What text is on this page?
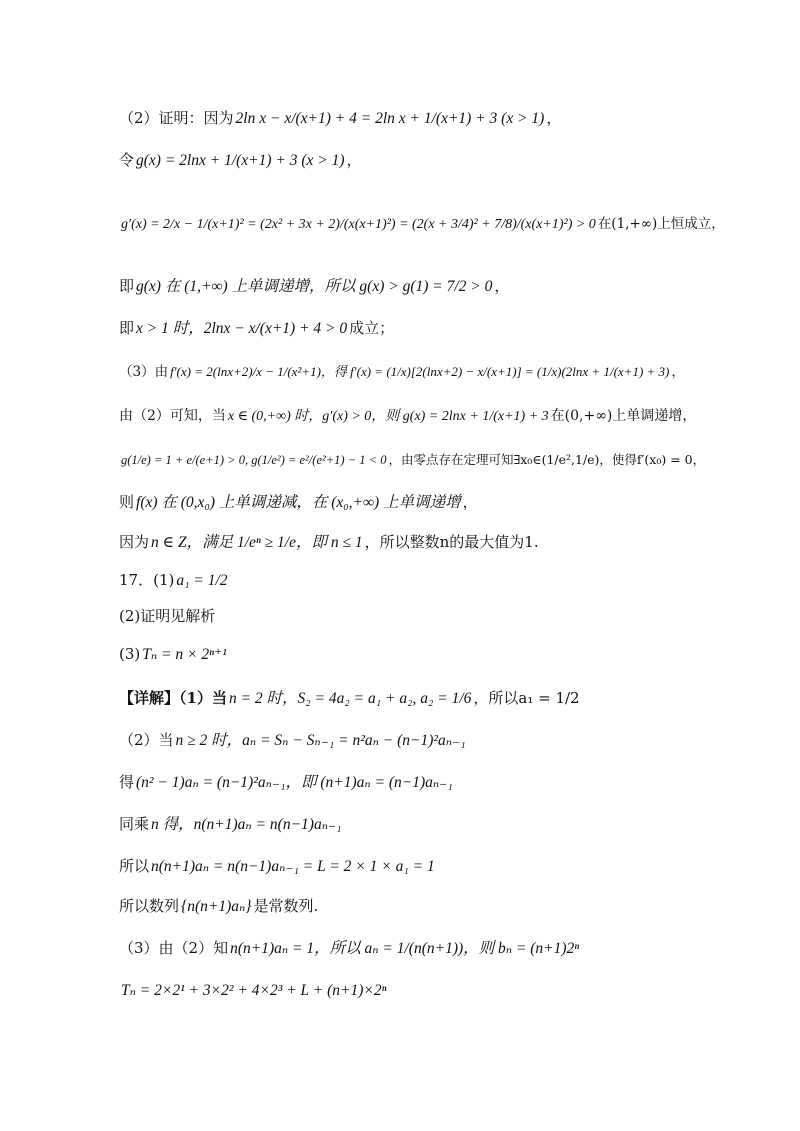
（2）证明：因为 2ln x − x/(x+1) + 4 = 2ln x + 1/(x+1) + 3 (x > 1) ，
令 g(x) = 2lnx + 1/(x+1) + 3 (x > 1) ，
g′(x) = 2/x − 1/(x+1)² = (2x² + 3x + 2)/(x(x+1)²) = (2(x + 3/4)² + 7/8)/(x(x+1)²) > 0 在(1,+∞)上恒成立，
即 g(x) 在 (1,+∞) 上单调递增，所以 g(x) > g(1) = 7/2 > 0 ，
即 x > 1 时，2lnx − x/(x+1) + 4 > 0 成立；
（3）由 f′(x) = 2(lnx+2)/x − 1/(x²+1)，得 f′(x) = (1/x)[2(lnx+2) − x/(x+1)] = (1/x)(2lnx + 1/(x+1) + 3) ，
由（2）可知，当 x ∈ (0,+∞) 时，g′(x) > 0，则 g(x) = 2lnx + 1/(x+1) + 3 在(0,+∞)上单调递增，
g(1/e) = 1 + e/(e+1) > 0, g(1/e²) = e²/(e²+1) − 1 < 0 ，由零点存在定理可知∃x₀∈(1/e²,1/e)，使得f′(x₀) = 0，
则 f(x) 在 (0,x₀) 上单调递减，在 (x₀,+∞) 上单调递增 ，
因为 n ∈ Z，满足 1/eⁿ ≥ 1/e，即 n ≤ 1 ，所以整数n的最大值为1.
17．(1) a₁ = 1/2
(2)证明见解析
(3) Tₙ = n × 2ⁿ⁺¹
【详解】（1）当 n = 2 时，S₂ = 4a₂ = a₁ + a₂, a₂ = 1/6 ，所以a₁ = 1/2
（2）当 n ≥ 2 时，aₙ = Sₙ − Sₙ₋₁ = n²aₙ − (n−1)²aₙ₋₁
得 (n² − 1)aₙ = (n−1)²aₙ₋₁，即 (n+1)aₙ = (n−1)aₙ₋₁
同乘 n 得，n(n+1)aₙ = n(n−1)aₙ₋₁
所以 n(n+1)aₙ = n(n−1)aₙ₋₁ = L = 2 × 1 × a₁ = 1
所以数列 {n(n+1)aₙ} 是常数列.
（3）由（2）知 n(n+1)aₙ = 1，所以 aₙ = 1/(n(n+1))，则 bₙ = (n+1)2ⁿ
Tₙ = 2×2¹ + 3×2² + 4×2³ + L + (n+1)×2ⁿ
